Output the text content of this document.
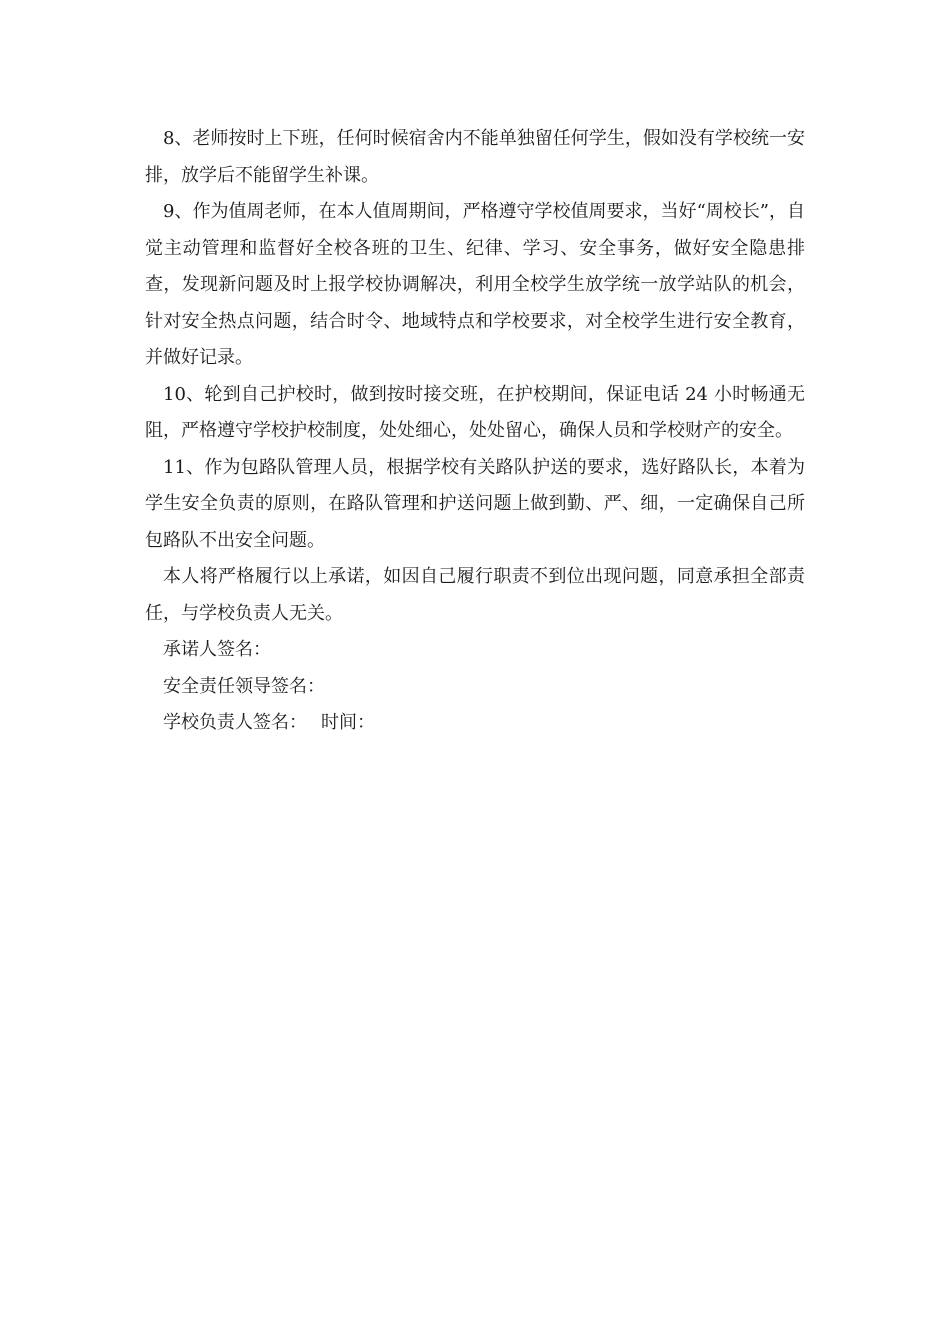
8、老师按时上下班，任何时候宿舍内不能单独留任何学生，假如没有学校统一安排，放学后不能留学生补课。

9、作为值周老师，在本人值周期间，严格遵守学校值周要求，当好“周校长”，自觉主动管理和监督好全校各班的卫生、纪律、学习、安全事务，做好安全隐患排查，发现新问题及时上报学校协调解决，利用全校学生放学统一放学站队的机会，针对安全热点问题，结合时令、地域特点和学校要求，对全校学生进行安全教育，并做好记录。

10、轮到自己护校时，做到按时接交班，在护校期间，保证电话 24 小时畅通无阻，严格遵守学校护校制度，处处细心，处处留心，确保人员和学校财产的安全。

11、作为包路队管理人员，根据学校有关路队护送的要求，选好路队长，本着为学生安全负责的原则，在路队管理和护送问题上做到勤、严、细，一定确保自己所包路队不出安全问题。

本人将严格履行以上承诺，如因自己履行职责不到位出现问题，同意承担全部责任，与学校负责人无关。

承诺人签名：

安全责任领导签名：

学校负责人签名： 时间：
